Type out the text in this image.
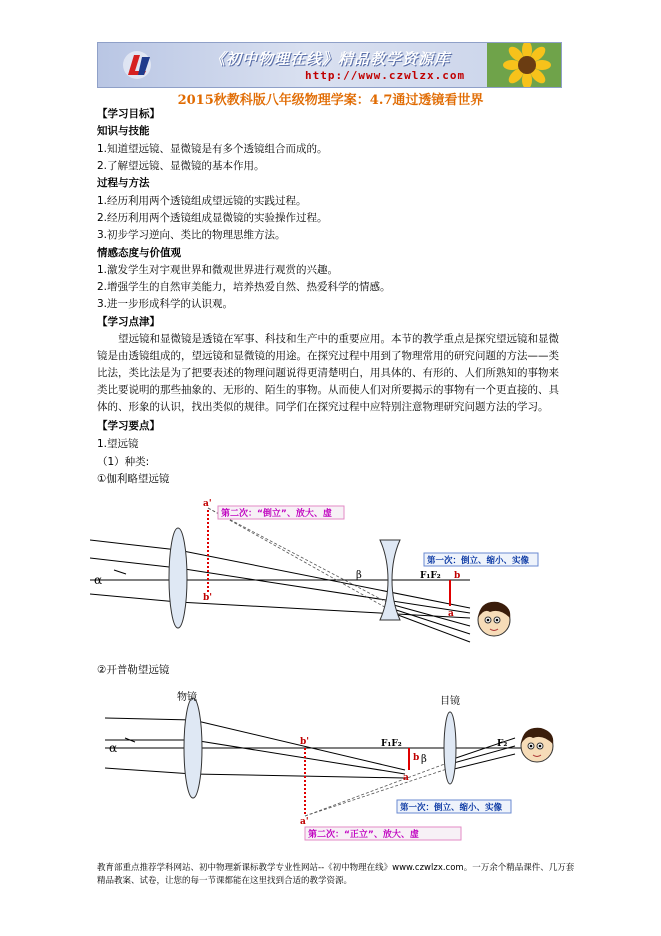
《初中物理在线》精品教学资源库
http://www.czwlzx.com
2015秋教科版八年级物理学案：4.7通过透镜看世界
【学习目标】
知识与技能
1.知道望远镜、显微镜是有多个透镜组合而成的。
2.了解望远镜、显微镜的基本作用。
过程与方法
1.经历利用两个透镜组成望远镜的实践过程。
2.经历利用两个透镜组成显微镜的实验操作过程。
3.初步学习逆向、类比的物理思维方法。
情感态度与价值观
1.激发学生对宇观世界和微观世界进行观赏的兴趣。
2.增强学生的自然审美能力，培养热爱自然、热爱科学的情感。
3.进一步形成科学的认识观。
【学习点津】
望远镜和显微镜是透镜在军事、科技和生产中的重要应用。本节的教学重点是探究望远镜和显微镜是由透镜组成的，望远镜和显微镜的用途。在探究过程中用到了物理常用的研究问题的方法——类比法，类比法是为了把要表述的物理问题说得更清楚明白，用具体的、有形的、人们所熟知的事物来类比要说明的那些抽象的、无形的、陌生的事物。从而使人们对所要揭示的事物有一个更直接的、具体的、形象的认识，找出类似的规律。同学们在探究过程中应特别注意物理研究问题方法的学习。
【学习要点】
1.望远镜
（1）种类:
①伽利略望远镜
a'
b'
b
a
F₁F₂
α	β
第二次：“倒立”、放大、虚
第一次：倒立、缩小、实像
②开普勒望远镜
物镜	目镜
b'
a'
b
a
F₁F₂	F₂
α
β
第一次：倒立、缩小、实像
第二次：“正立”、放大、虚
教育部重点推荐学科网站、初中物理新课标教学专业性网站--《初中物理在线》www.czwlzx.com。一万余个精品课件、几万套精品教案、试卷，让您的每一节课都能在这里找到合适的教学资源。
